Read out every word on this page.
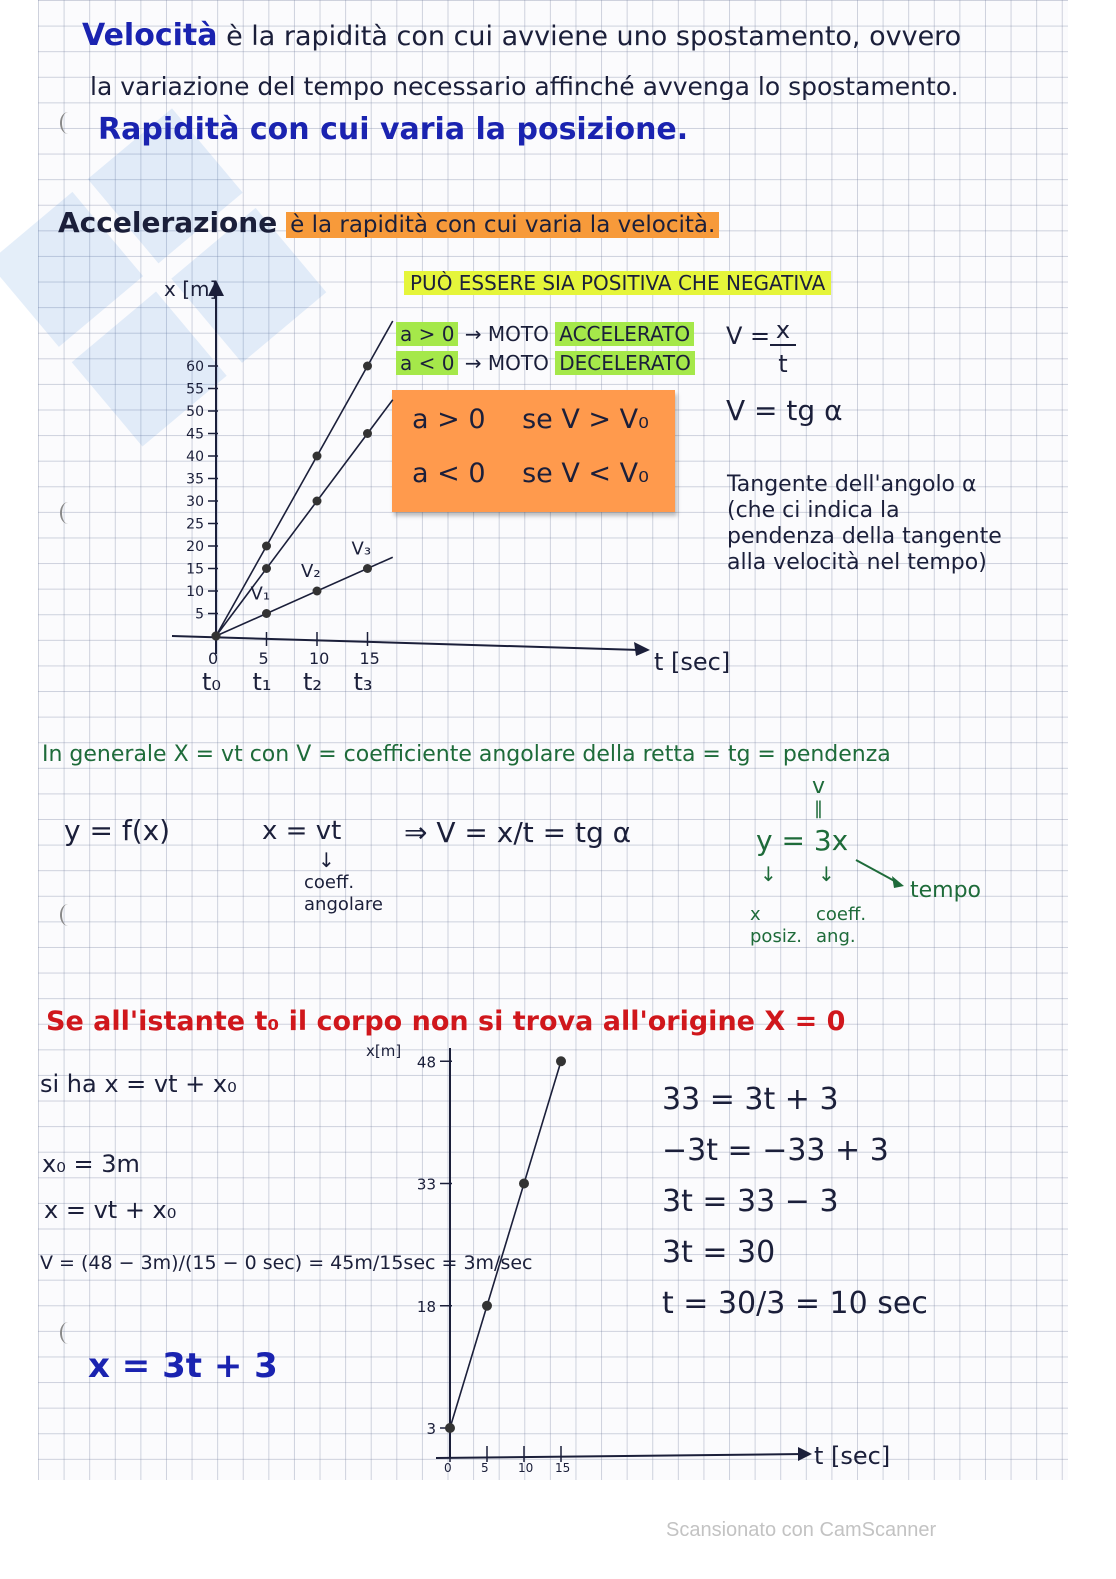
Velocità è la rapidità con cui avviene uno spostamento, ovvero
la variazione del tempo necessario affinché avvenga lo spostamento.
Rapidità con cui varia la posizione.
Accelerazione è la rapidità con cui varia la velocità.
PUÒ ESSERE SIA POSITIVA CHE NEGATIVA
a > 0 → MOTO ACCELERATO
a < 0 → MOTO DECELERATO
V = x
t
V = tg α
a > 0 se V > V₀
a < 0 se V < V₀	Tangente dell'angolo α
(che ci indica la
pendenza della tangente
alla velocità nel tempo)
x [m]
t [sec]
5
10
15
20
25
30
35
40
45
50
55
60
0
t₀
5
t₁
10
t₂
15
t₃
V₁
V₂
V₃
In generale X = vt con V = coefficiente angolare della retta = tg = pendenza
y = f(x)	x = vt ⇒ V = x/t = tg α
↓
coeff.
angolare
v
‖
y = 3x
↓ ↓
x
posiz.
coeff.
ang.
tempo
Se all'istante t₀ il corpo non si trova all'origine X = 0
si ha x = vt + x₀
x₀ = 3m
x = vt + x₀
V = (48 − 3m)/(15 − 0 sec) = 45m/15sec = 3m/sec
x = 3t + 3
33 = 3t + 3
−3t = −33 + 3
3t = 33 − 3
3t = 30
t = 30/3 = 10 sec
x[m]
t [sec]
3
18
33
48
0 5 10 15
Scansionato con CamScanner
